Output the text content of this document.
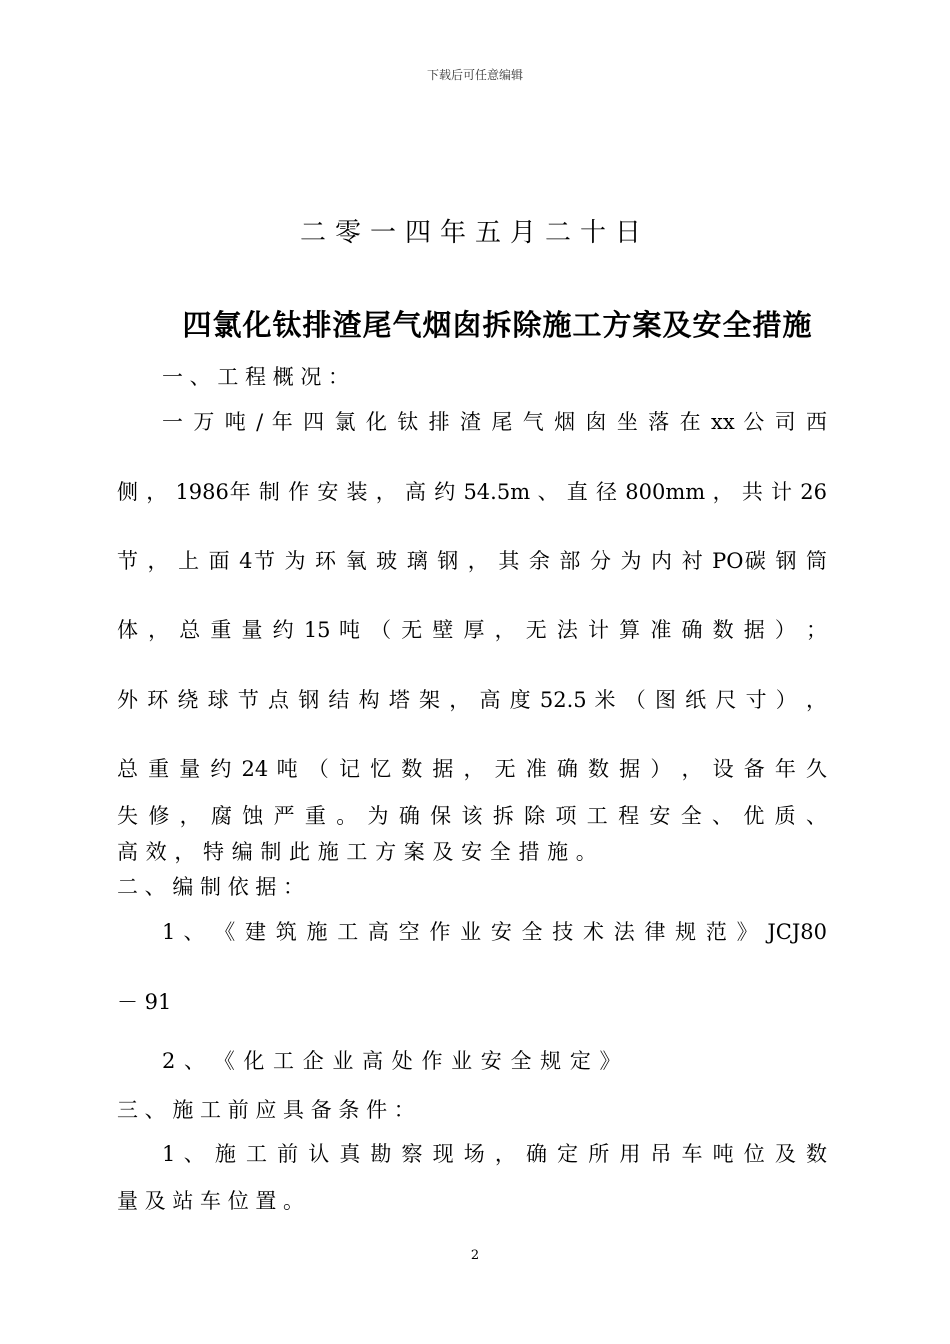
下载后可任意编辑
二零一四年五月二十日
四氯化钛排渣尾气烟囱拆除施工方案及安全措施
一 、 工 程 概 况 ：
一 万 吨 / 年 四 氯 化 钛 排 渣 尾 气 烟 囱 坐 落 在 xx 公 司 西
侧 ， 1986年 制 作 安 装 ， 高 约 54.5m 、 直 径 800mm ， 共 计 26
节 ， 上 面 4节 为 环 氧 玻 璃 钢 ， 其 余 部 分 为 内 衬 PO碳 钢 筒
体 ， 总 重 量 约 15 吨 （ 无 壁 厚 ， 无 法 计 算 准 确 数 据 ） ；
外 环 绕 球 节 点 钢 结 构 塔 架 ， 高 度 52.5 米 （ 图 纸 尺 寸 ） ，
总 重 量 约 24 吨 （ 记 忆 数 据 ， 无 准 确 数 据 ） ， 设 备 年 久
失 修 ， 腐 蚀 严 重 。 为 确 保 该 拆 除 项 工 程 安 全 、 优 质 、
高 效 ， 特 编 制 此 施 工 方 案 及 安 全 措 施 。
二 、 编 制 依 据 ：
1 、 《 建 筑 施 工 高 空 作 业 安 全 技 术 法 律 规 范 》 JCJ80
－ 91
2 、 《 化 工 企 业 高 处 作 业 安 全 规 定 》
三 、 施 工 前 应 具 备 条 件 ：
1 、 施 工 前 认 真 勘 察 现 场 ， 确 定 所 用 吊 车 吨 位 及 数
量 及 站 车 位 置 。
2
